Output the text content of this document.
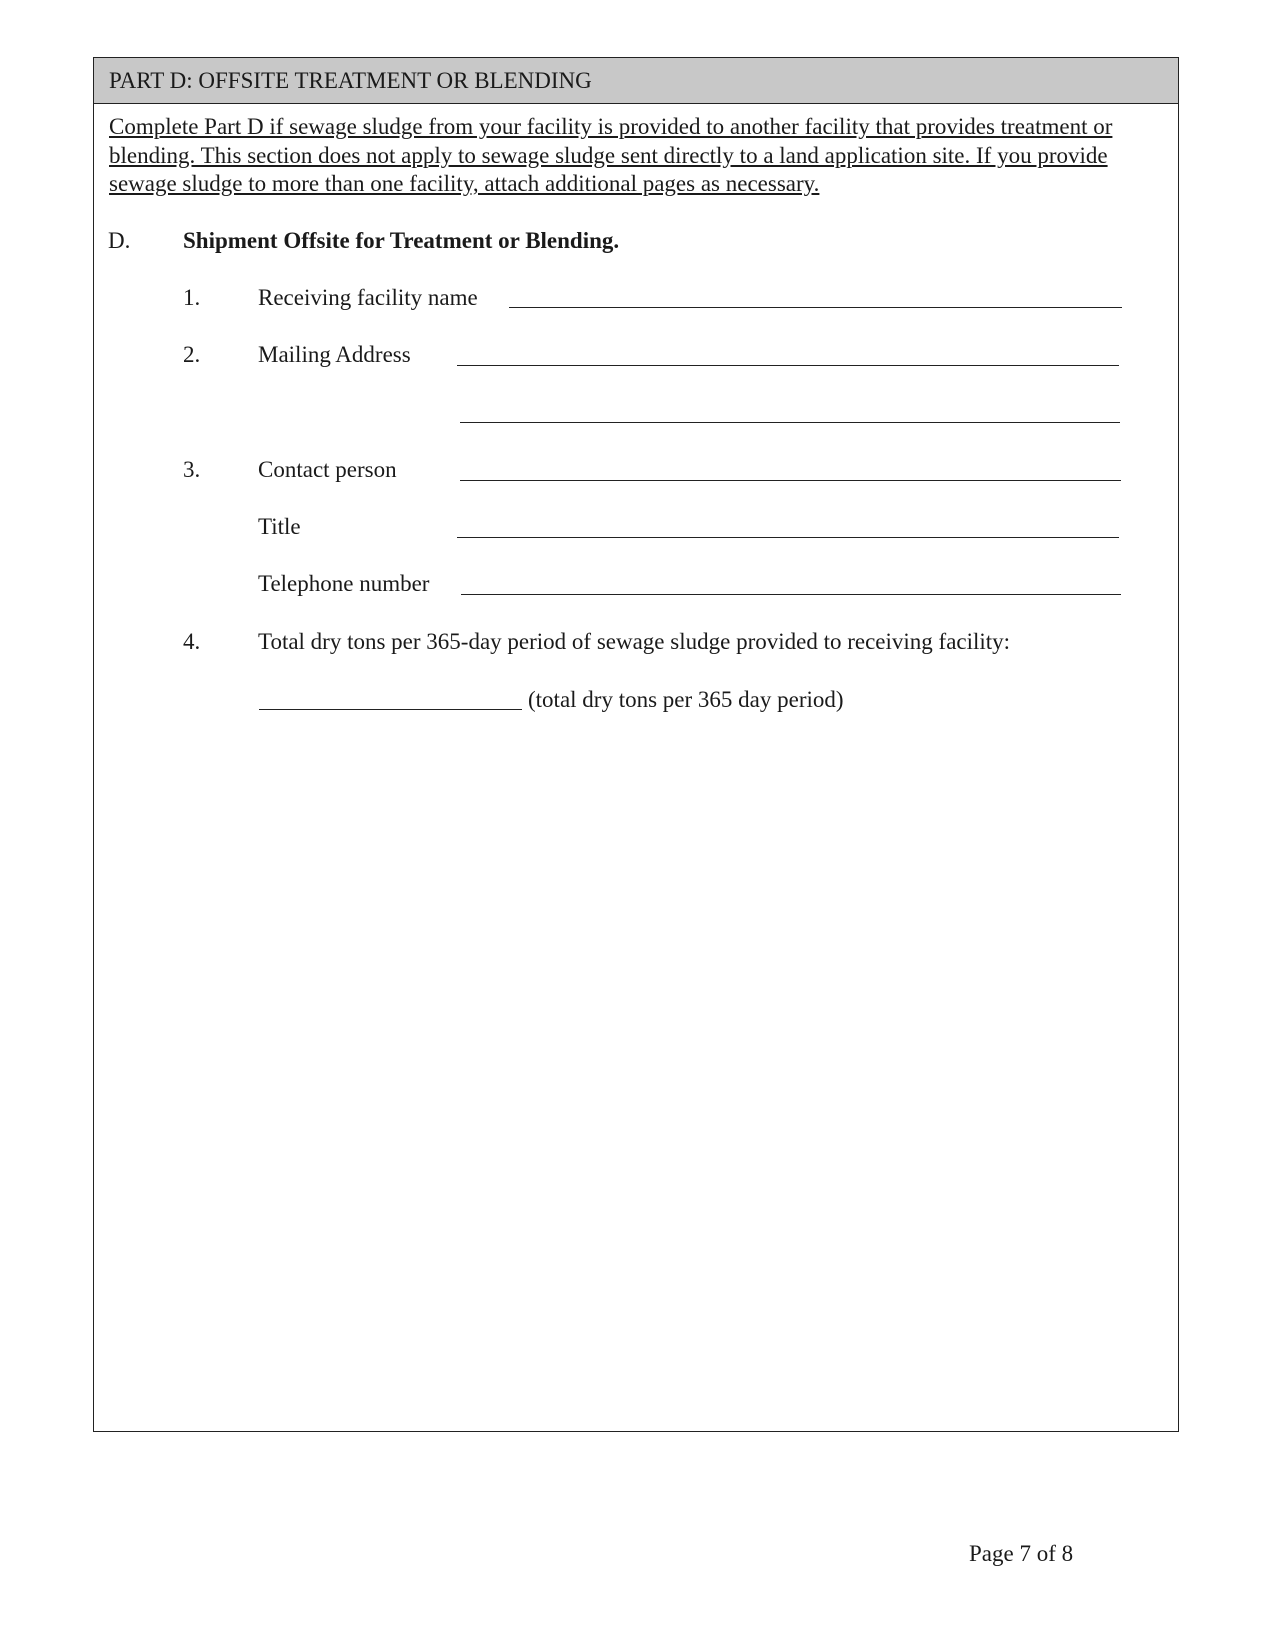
PART D: OFFSITE TREATMENT OR BLENDING
Complete Part D if sewage sludge from your facility is provided to another facility that provides treatment or blending. This section does not apply to sewage sludge sent directly to a land application site. If you provide sewage sludge to more than one facility, attach additional pages as necessary.
D. Shipment Offsite for Treatment or Blending.
1.	Receiving facility name
2.	Mailing Address
3.	Contact person
Title
Telephone number
4.	Total dry tons per 365-day period of sewage sludge provided to receiving facility:
(total dry tons per 365 day period)
Page 7 of 8
